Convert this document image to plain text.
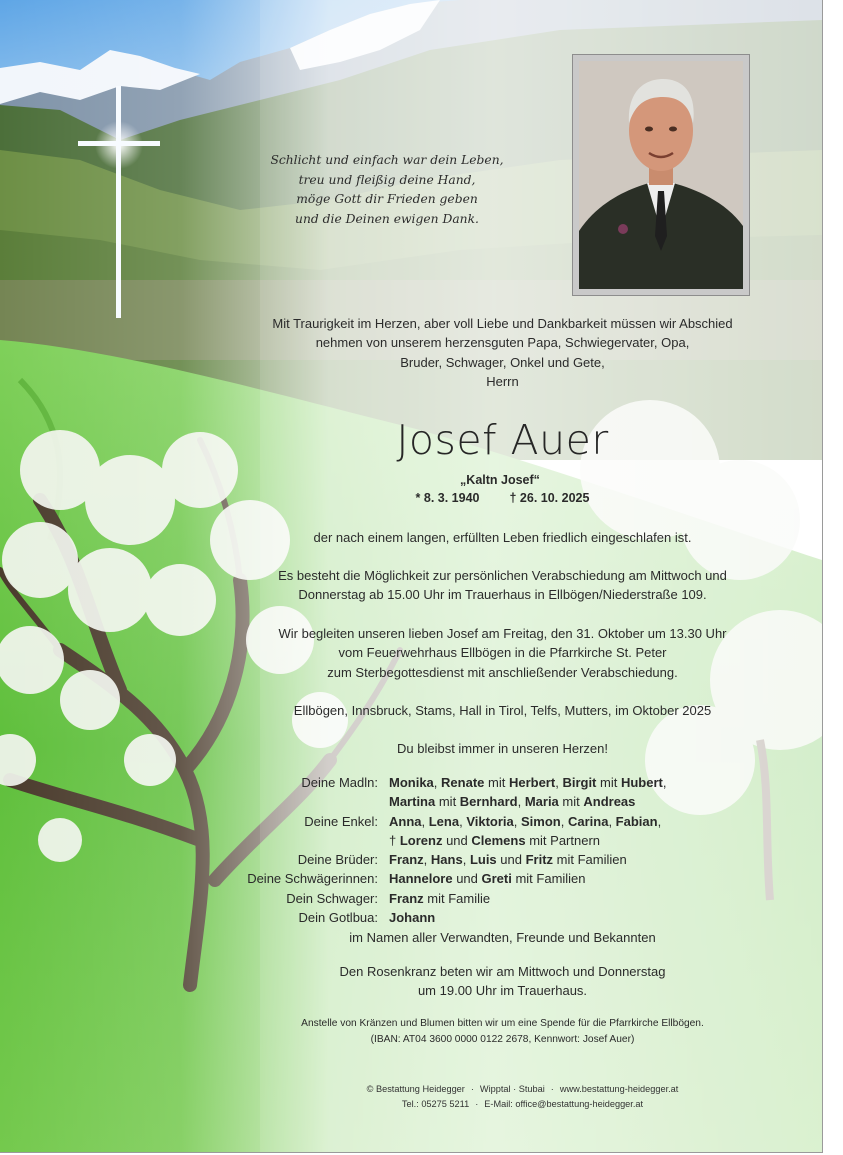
Schlicht und einfach war dein Leben,
treu und fleißig deine Hand,
möge Gott dir Frieden geben
und die Deinen ewigen Dank.
Mit Traurigkeit im Herzen, aber voll Liebe und Dankbarkeit müssen wir Abschied
nehmen von unserem herzensguten Papa, Schwiegervater, Opa,
Bruder, Schwager, Onkel und Gete,
Herrn
Josef Auer
„Kaltn Josef“
* 8. 3. 1940 † 26. 10. 2025
der nach einem langen, erfüllten Leben friedlich eingeschlafen ist.
Es besteht die Möglichkeit zur persönlichen Verabschiedung am Mittwoch und
Donnerstag ab 15.00 Uhr im Trauerhaus in Ellbögen/Niederstraße 109.
Wir begleiten unseren lieben Josef am Freitag, den 31. Oktober um 13.30 Uhr
vom Feuerwehrhaus Ellbögen in die Pfarrkirche St. Peter
zum Sterbegottesdienst mit anschließender Verabschiedung.
Ellbögen, Innsbruck, Stams, Hall in Tirol, Telfs, Mutters, im Oktober 2025
Du bleibst immer in unseren Herzen!
Deine Madln: Monika, Renate mit Herbert, Birgit mit Hubert,
Martina mit Bernhard, Maria mit Andreas
Deine Enkel: Anna, Lena, Viktoria, Simon, Carina, Fabian,
† Lorenz und Clemens mit Partnern
Deine Brüder: Franz, Hans, Luis und Fritz mit Familien
Deine Schwägerinnen: Hannelore und Greti mit Familien
Dein Schwager: Franz mit Familie
Dein Gotlbua: Johann
im Namen aller Verwandten, Freunde und Bekannten
Den Rosenkranz beten wir am Mittwoch und Donnerstag
um 19.00 Uhr im Trauerhaus.
Anstelle von Kränzen und Blumen bitten wir um eine Spende für die Pfarrkirche Ellbögen.
(IBAN: AT04 3600 0000 0122 2678, Kennwort: Josef Auer)
© Bestattung Heidegger · Wipptal · Stubai · www.bestattung-heidegger.at
Tel.: 05275 5211 · E-Mail: office@bestattung-heidegger.at
